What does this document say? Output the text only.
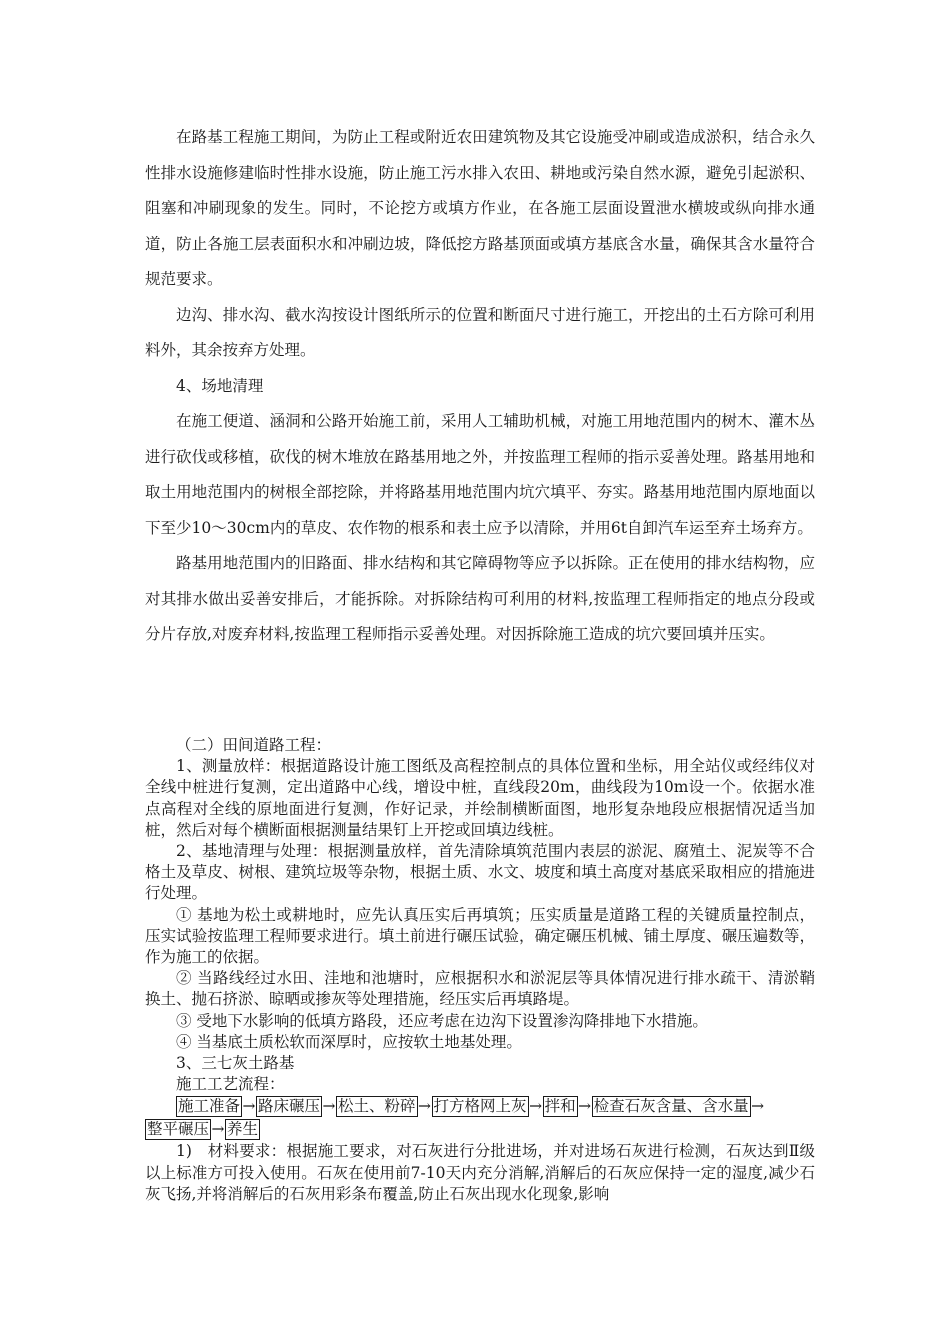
在路基工程施工期间，为防止工程或附近农田建筑物及其它设施受冲刷或造成淤积，结合永久性排水设施修建临时性排水设施，防止施工污水排入农田、耕地或污染自然水源，避免引起淤积、阻塞和冲刷现象的发生。同时，不论挖方或填方作业，在各施工层面设置泄水横坡或纵向排水通道，防止各施工层表面积水和冲刷边坡，降低挖方路基顶面或填方基底含水量，确保其含水量符合规范要求。

边沟、排水沟、截水沟按设计图纸所示的位置和断面尺寸进行施工，开挖出的土石方除可利用料外，其余按弃方处理。

4、场地清理

在施工便道、涵洞和公路开始施工前，采用人工辅助机械，对施工用地范围内的树木、灌木丛进行砍伐或移植，砍伐的树木堆放在路基用地之外，并按监理工程师的指示妥善处理。路基用地和取土用地范围内的树根全部挖除，并将路基用地范围内坑穴填平、夯实。路基用地范围内原地面以下至少10～30cm内的草皮、农作物的根系和表土应予以清除，并用6t自卸汽车运至弃土场弃方。

路基用地范围内的旧路面、排水结构和其它障碍物等应予以拆除。正在使用的排水结构物，应对其排水做出妥善安排后，才能拆除。对拆除结构可利用的材料,按监理工程师指定的地点分段或分片存放,对废弃材料,按监理工程师指示妥善处理。对因拆除施工造成的坑穴要回填并压实。

（二）田间道路工程：

1、测量放样：根据道路设计施工图纸及高程控制点的具体位置和坐标，用全站仪或经纬仪对全线中桩进行复测，定出道路中心线，增设中桩，直线段20m，曲线段为10m设一个。依据水准点高程对全线的原地面进行复测，作好记录，并绘制横断面图，地形复杂地段应根据情况适当加桩，然后对每个横断面根据测量结果钉上开挖或回填边线桩。

2、基地清理与处理：根据测量放样，首先清除填筑范围内表层的淤泥、腐殖土、泥炭等不合格土及草皮、树根、建筑垃圾等杂物，根据土质、水文、坡度和填土高度对基底采取相应的措施进行处理。

① 基地为松土或耕地时，应先认真压实后再填筑；压实质量是道路工程的关键质量控制点，压实试验按监理工程师要求进行。填土前进行碾压试验，确定碾压机械、铺土厚度、碾压遍数等，作为施工的依据。

② 当路线经过水田、洼地和池塘时，应根据积水和淤泥层等具体情况进行排水疏干、清淤鞘换土、抛石挤淤、晾晒或掺灰等处理措施，经压实后再填路堤。

③ 受地下水影响的低填方路段，还应考虑在边沟下设置渗沟降排地下水措施。

④ 当基底土质松软而深厚时，应按软土地基处理。

3、三七灰土路基

施工工艺流程：

施工准备 → 路床碾压 → 松土、粉碎 → 打方格网上灰 → 拌和 → 检查石灰含量、含水量 →
整平碾压 → 养生

1)　材料要求：根据施工要求，对石灰进行分批进场，并对进场石灰进行检测，石灰达到Ⅱ级以上标准方可投入使用。石灰在使用前7-10天内充分消解,消解后的石灰应保持一定的湿度,减少石灰飞扬,并将消解后的石灰用彩条布覆盖,防止石灰出现水化现象,影响
